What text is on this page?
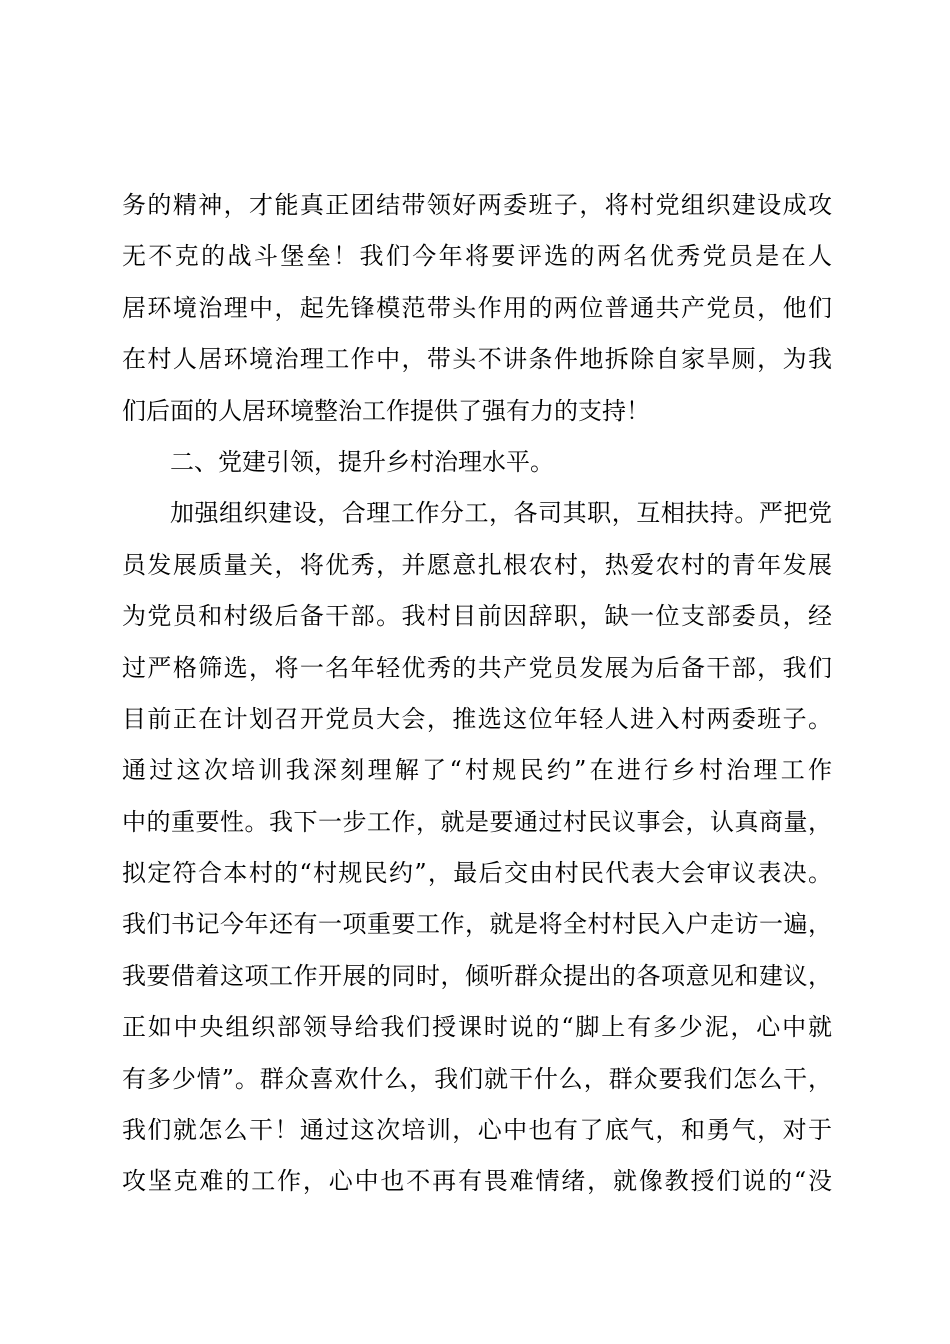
务的精神，才能真正团结带领好两委班子，将村党组织建设成攻
无不克的战斗堡垒！我们今年将要评选的两名优秀党员是在人
居环境治理中，起先锋模范带头作用的两位普通共产党员，他们
在村人居环境治理工作中，带头不讲条件地拆除自家旱厕，为我
们后面的人居环境整治工作提供了强有力的支持！
二、党建引领，提升乡村治理水平。
加强组织建设，合理工作分工，各司其职，互相扶持。严把党
员发展质量关，将优秀，并愿意扎根农村，热爱农村的青年发展
为党员和村级后备干部。我村目前因辞职，缺一位支部委员，经
过严格筛选，将一名年轻优秀的共产党员发展为后备干部，我们
目前正在计划召开党员大会，推选这位年轻人进入村两委班子。
通过这次培训我深刻理解了“村规民约”在进行乡村治理工作
中的重要性。我下一步工作，就是要通过村民议事会，认真商量，
拟定符合本村的“村规民约”，最后交由村民代表大会审议表决。
我们书记今年还有一项重要工作，就是将全村村民入户走访一遍，
我要借着这项工作开展的同时，倾听群众提出的各项意见和建议，
正如中央组织部领导给我们授课时说的“脚上有多少泥，心中就
有多少情”。群众喜欢什么，我们就干什么，群众要我们怎么干，
我们就怎么干！通过这次培训，心中也有了底气，和勇气，对于
攻坚克难的工作，心中也不再有畏难情绪，就像教授们说的“没
